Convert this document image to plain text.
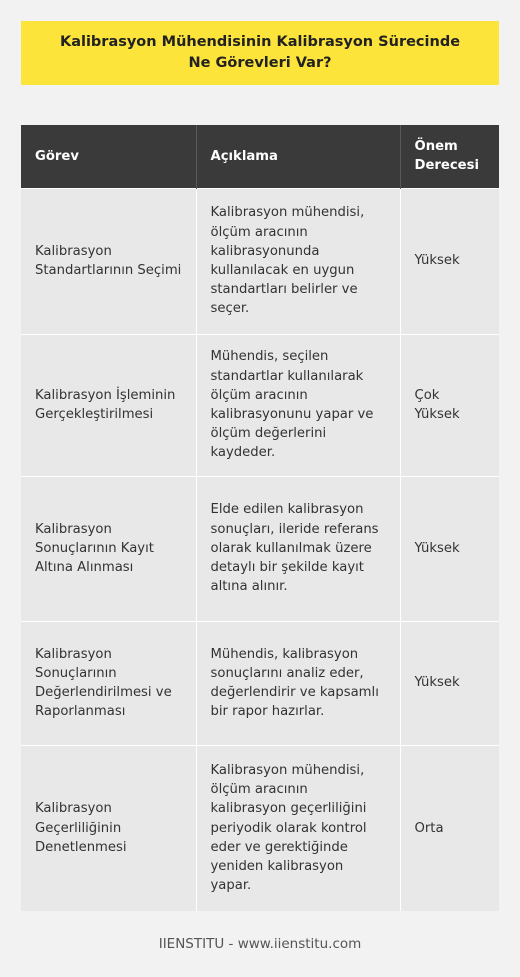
Kalibrasyon Mühendisinin Kalibrasyon Sürecinde Ne Görevleri Var?
Görev	Açıklama	Önem Derecesi
Kalibrasyon Standartlarının Seçimi	Kalibrasyon mühendisi, ölçüm aracının kalibrasyonunda kullanılacak en uygun standartları belirler ve seçer.	Yüksek
Kalibrasyon İşleminin Gerçekleştirilmesi	Mühendis, seçilen standartlar kullanılarak ölçüm aracının kalibrasyonunu yapar ve ölçüm değerlerini kaydeder.	Çok Yüksek
Kalibrasyon Sonuçlarının Kayıt Altına Alınması	Elde edilen kalibrasyon sonuçları, ileride referans olarak kullanılmak üzere detaylı bir şekilde kayıt altına alınır.	Yüksek
Kalibrasyon Sonuçlarının Değerlendirilmesi ve Raporlanması	Mühendis, kalibrasyon sonuçlarını analiz eder, değerlendirir ve kapsamlı bir rapor hazırlar.	Yüksek
Kalibrasyon Geçerliliğinin Denetlenmesi	Kalibrasyon mühendisi, ölçüm aracının kalibrasyon geçerliliğini periyodik olarak kontrol eder ve gerektiğinde yeniden kalibrasyon yapar.	Orta
IIENSTITU - www.iienstitu.com
